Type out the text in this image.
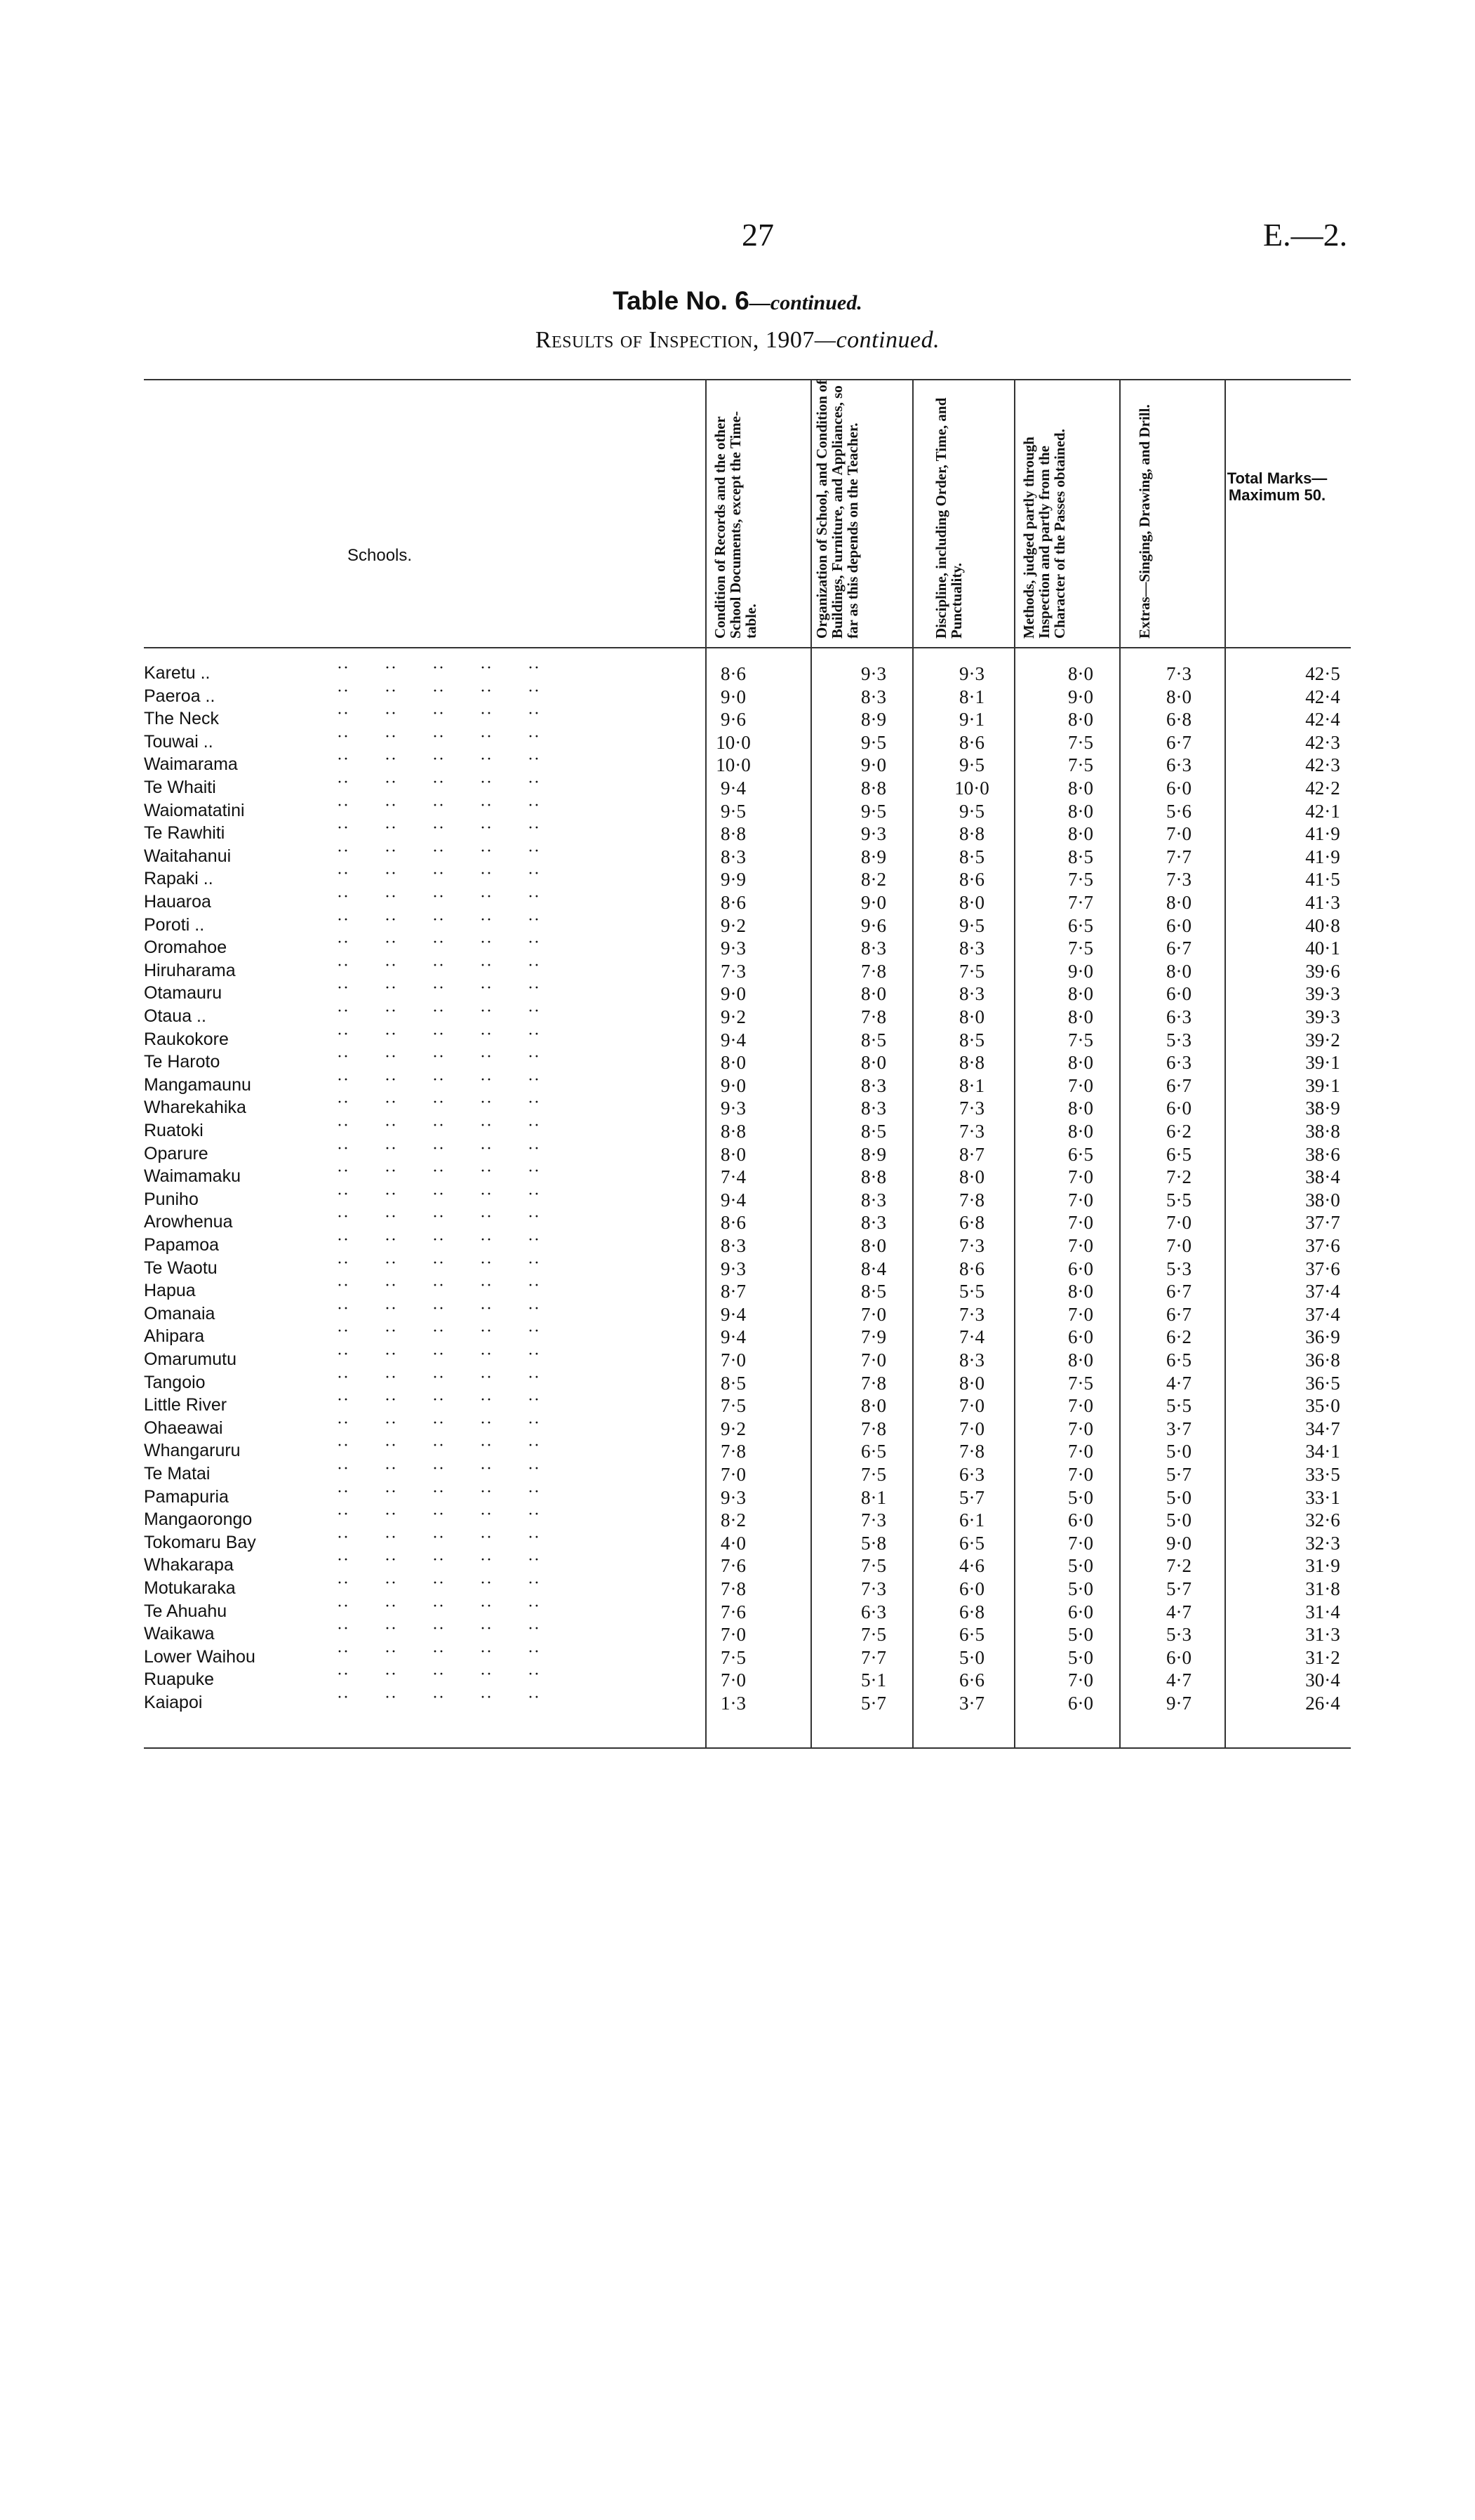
27	E.—2.
Table No. 6—continued.
Results of Inspection, 1907—continued.
Schools.	Condition of Records and the other School Documents, except the Time-table.	Organization of School, and Condition of Buildings, Furniture, and Appliances, so far as this depends on the Teacher.	Discipline, including Order, Time, and Punctuality.	Methods, judged partly through Inspection and partly from the Character of the Passes obtained.	Extras—Singing, Drawing, and Drill.	Total Marks— Maximum 50.
Karetu ..	··  ··  ··  ··  ··	8·6	9·3	9·3	8·0	7·3	42·5
Paeroa ..	··  ··  ··  ··  ··	9·0	8·3	8·1	9·0	8·0	42·4
The Neck	··  ··  ··  ··  ··	9·6	8·9	9·1	8·0	6·8	42·4
Touwai ..	··  ··  ··  ··  ··	10·0	9·5	8·6	7·5	6·7	42·3
Waimarama	··  ··  ··  ··  ··	10·0	9·0	9·5	7·5	6·3	42·3
Te Whaiti	··  ··  ··  ··  ··	9·4	8·8	10·0	8·0	6·0	42·2
Waiomatatini	··  ··  ··  ··  ··	9·5	9·5	9·5	8·0	5·6	42·1
Te Rawhiti	··  ··  ··  ··  ··	8·8	9·3	8·8	8·0	7·0	41·9
Waitahanui	··  ··  ··  ··  ··	8·3	8·9	8·5	8·5	7·7	41·9
Rapaki ..	··  ··  ··  ··  ··	9·9	8·2	8·6	7·5	7·3	41·5
Hauaroa	··  ··  ··  ··  ··	8·6	9·0	8·0	7·7	8·0	41·3
Poroti ..	··  ··  ··  ··  ··	9·2	9·6	9·5	6·5	6·0	40·8
Oromahoe	··  ··  ··  ··  ··	9·3	8·3	8·3	7·5	6·7	40·1
Hiruharama	··  ··  ··  ··  ··	7·3	7·8	7·5	9·0	8·0	39·6
Otamauru	··  ··  ··  ··  ··	9·0	8·0	8·3	8·0	6·0	39·3
Otaua ..	··  ··  ··  ··  ··	9·2	7·8	8·0	8·0	6·3	39·3
Raukokore	··  ··  ··  ··  ··	9·4	8·5	8·5	7·5	5·3	39·2
Te Haroto	··  ··  ··  ··  ··	8·0	8·0	8·8	8·0	6·3	39·1
Mangamaunu	··  ··  ··  ··  ··	9·0	8·3	8·1	7·0	6·7	39·1
Wharekahika	··  ··  ··  ··  ··	9·3	8·3	7·3	8·0	6·0	38·9
Ruatoki	··  ··  ··  ··  ··	8·8	8·5	7·3	8·0	6·2	38·8
Oparure	··  ··  ··  ··  ··	8·0	8·9	8·7	6·5	6·5	38·6
Waimamaku	··  ··  ··  ··  ··	7·4	8·8	8·0	7·0	7·2	38·4
Puniho	··  ··  ··  ··  ··	9·4	8·3	7·8	7·0	5·5	38·0
Arowhenua	··  ··  ··  ··  ··	8·6	8·3	6·8	7·0	7·0	37·7
Papamoa	··  ··  ··  ··  ··	8·3	8·0	7·3	7·0	7·0	37·6
Te Waotu	··  ··  ··  ··  ··	9·3	8·4	8·6	6·0	5·3	37·6
Hapua	··  ··  ··  ··  ··	8·7	8·5	5·5	8·0	6·7	37·4
Omanaia	··  ··  ··  ··  ··	9·4	7·0	7·3	7·0	6·7	37·4
Ahipara	··  ··  ··  ··  ··	9·4	7·9	7·4	6·0	6·2	36·9
Omarumutu	··  ··  ··  ··  ··	7·0	7·0	8·3	8·0	6·5	36·8
Tangoio	··  ··  ··  ··  ··	8·5	7·8	8·0	7·5	4·7	36·5
Little River	··  ··  ··  ··  ··	7·5	8·0	7·0	7·0	5·5	35·0
Ohaeawai	··  ··  ··  ··  ··	9·2	7·8	7·0	7·0	3·7	34·7
Whangaruru	··  ··  ··  ··  ··	7·8	6·5	7·8	7·0	5·0	34·1
Te Matai	··  ··  ··  ··  ··	7·0	7·5	6·3	7·0	5·7	33·5
Pamapuria	··  ··  ··  ··  ··	9·3	8·1	5·7	5·0	5·0	33·1
Mangaorongo	··  ··  ··  ··  ··	8·2	7·3	6·1	6·0	5·0	32·6
Tokomaru Bay	··  ··  ··  ··  ··	4·0	5·8	6·5	7·0	9·0	32·3
Whakarapa	··  ··  ··  ··  ··	7·6	7·5	4·6	5·0	7·2	31·9
Motukaraka	··  ··  ··  ··  ··	7·8	7·3	6·0	5·0	5·7	31·8
Te Ahuahu	··  ··  ··  ··  ··	7·6	6·3	6·8	6·0	4·7	31·4
Waikawa	··  ··  ··  ··  ··	7·0	7·5	6·5	5·0	5·3	31·3
Lower Waihou	··  ··  ··  ··  ··	7·5	7·7	5·0	5·0	6·0	31·2
Ruapuke	··  ··  ··  ··  ··	7·0	5·1	6·6	7·0	4·7	30·4
Kaiapoi	··  ··  ··  ··  ··	1·3	5·7	3·7	6·0	9·7	26·4
